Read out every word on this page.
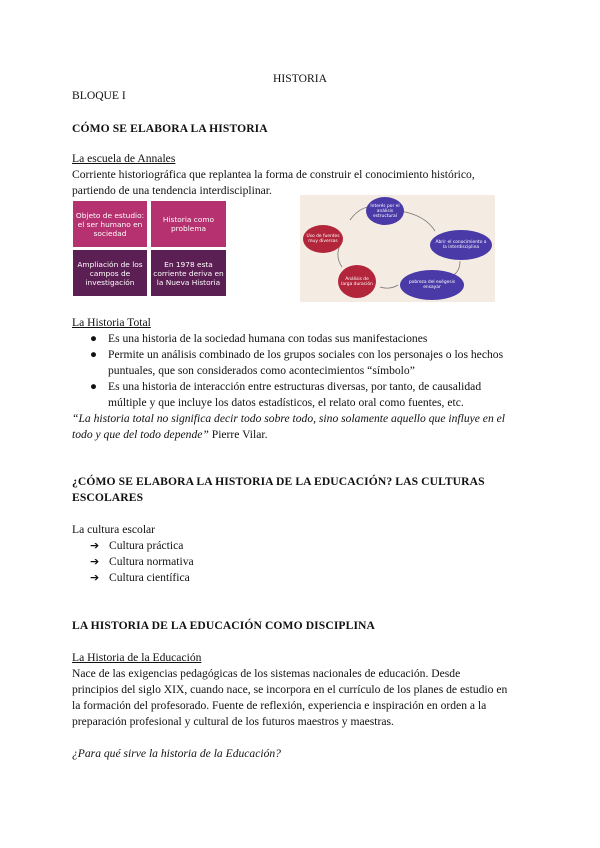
HISTORIA
BLOQUE I
CÓMO SE ELABORA LA HISTORIA
La escuela de Annales
Corriente historiográfica que replantea la forma de construir el conocimiento histórico,
partiendo de una tendencia interdisciplinar.
Objeto de estudio: el ser humano en sociedad
Historia como problema
Ampliación de los campos de investigación
En 1978 esta corriente deriva en la Nueva Historia
Interés por el análisis estructural
Abrir el conocimiento a la interdisciplina
pobreza del exégesis ensayar
Análisis de larga duración
Uso de fuentes muy diversas
La Historia Total
● Es una historia de la sociedad humana con todas sus manifestaciones
● Permite un análisis combinado de los grupos sociales con los personajes o los hechos
puntuales, que son considerados como acontecimientos “símbolo”
● Es una historia de interacción entre estructuras diversas, por tanto, de causalidad
múltiple y que incluye los datos estadísticos, el relato oral como fuentes, etc.
“La historia total no significa decir todo sobre todo, sino solamente aquello que influye en el
todo y que del todo depende” Pierre Vilar.
¿CÓMO SE ELABORA LA HISTORIA DE LA EDUCACIÓN? LAS CULTURAS
ESCOLARES
La cultura escolar
➔ Cultura práctica
➔ Cultura normativa
➔ Cultura científica
LA HISTORIA DE LA EDUCACIÓN COMO DISCIPLINA
La Historia de la Educación
Nace de las exigencias pedagógicas de los sistemas nacionales de educación. Desde
principios del siglo XIX, cuando nace, se incorpora en el currículo de los planes de estudio en
la formación del profesorado. Fuente de reflexión, experiencia e inspiración en orden a la
preparación profesional y cultural de los futuros maestros y maestras.
¿Para qué sirve la historia de la Educación?
